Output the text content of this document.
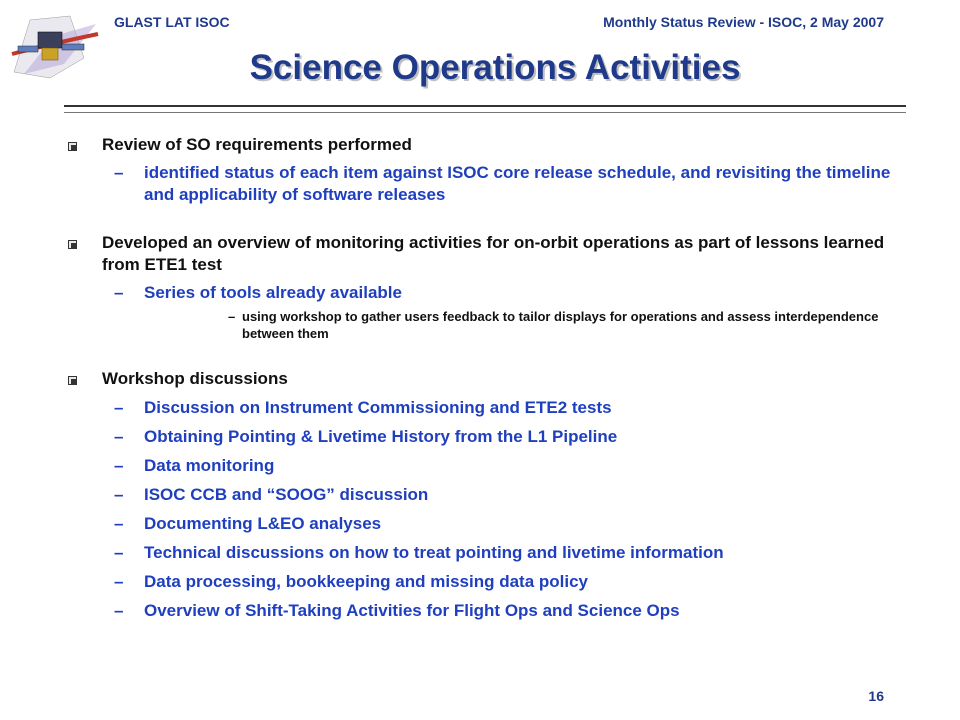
GLAST LAT ISOC	Monthly Status Review - ISOC, 2 May 2007
Science Operations Activities
Review of SO requirements performed
– identified status of each item against ISOC core release schedule, and revisiting the timeline and applicability of software releases
Developed an overview of monitoring activities for on-orbit operations as part of lessons learned from ETE1 test
– Series of tools already available
– using workshop to gather users feedback to tailor displays for operations and assess interdependence between them
Workshop discussions
– Discussion on Instrument Commissioning and ETE2 tests
– Obtaining Pointing & Livetime History from the L1 Pipeline
– Data monitoring
– ISOC CCB and “SOOG” discussion
– Documenting L&EO analyses
– Technical discussions on how to treat pointing and livetime information
– Data processing, bookkeeping and missing data policy
– Overview of Shift-Taking Activities for Flight Ops and Science Ops
16
